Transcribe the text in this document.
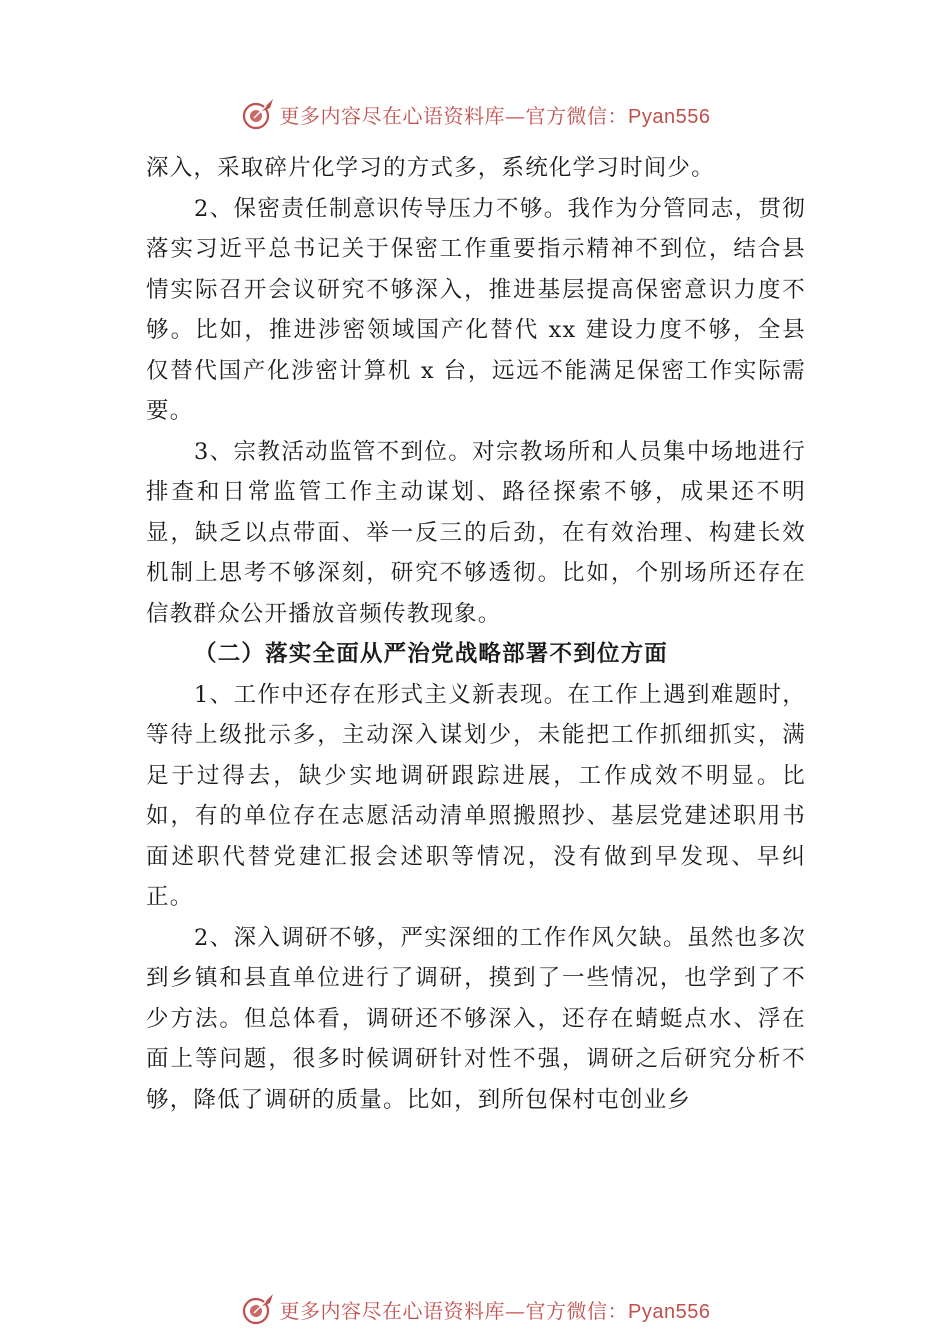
更多内容尽在心语资料库—官方微信：Pyan556

深入，采取碎片化学习的方式多，系统化学习时间少。

2、保密责任制意识传导压力不够。我作为分管同志，贯彻落实习近平总书记关于保密工作重要指示精神不到位，结合县情实际召开会议研究不够深入，推进基层提高保密意识力度不够。比如，推进涉密领域国产化替代 xx 建设力度不够，全县仅替代国产化涉密计算机 x 台，远远不能满足保密工作实际需要。

3、宗教活动监管不到位。对宗教场所和人员集中场地进行排查和日常监管工作主动谋划、路径探索不够，成果还不明显，缺乏以点带面、举一反三的后劲，在有效治理、构建长效机制上思考不够深刻，研究不够透彻。比如，个别场所还存在信教群众公开播放音频传教现象。

（二）落实全面从严治党战略部署不到位方面

1、工作中还存在形式主义新表现。在工作上遇到难题时，等待上级批示多，主动深入谋划少，未能把工作抓细抓实，满足于过得去，缺少实地调研跟踪进展，工作成效不明显。比如，有的单位存在志愿活动清单照搬照抄、基层党建述职用书面述职代替党建汇报会述职等情况，没有做到早发现、早纠正。

2、深入调研不够，严实深细的工作作风欠缺。虽然也多次到乡镇和县直单位进行了调研，摸到了一些情况，也学到了不少方法。但总体看，调研还不够深入，还存在蜻蜓点水、浮在面上等问题，很多时候调研针对性不强，调研之后研究分析不够，降低了调研的质量。比如，到所包保村屯创业乡

更多内容尽在心语资料库—官方微信：Pyan556
